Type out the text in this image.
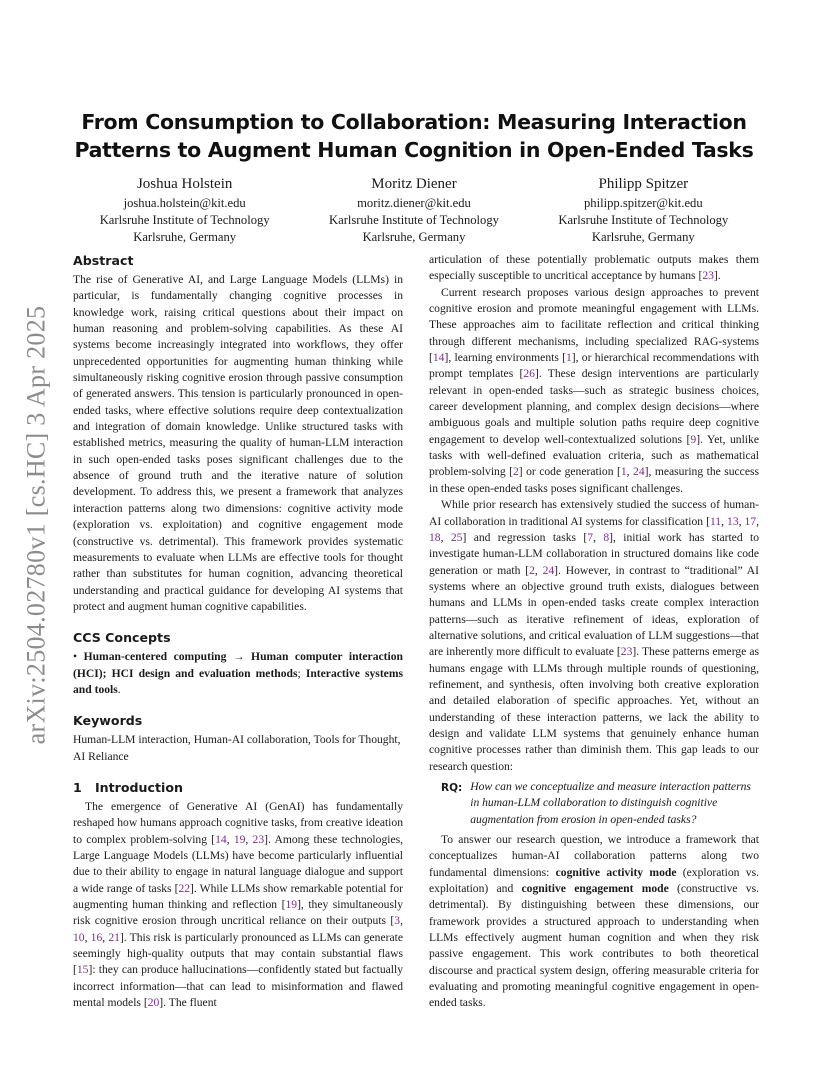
arXiv:2504.02780v1 [cs.HC] 3 Apr 2025
From Consumption to Collaboration: Measuring Interaction Patterns to Augment Human Cognition in Open-Ended Tasks
Joshua Holstein
joshua.holstein@kit.edu
Karlsruhe Institute of Technology
Karlsruhe, Germany
Moritz Diener
moritz.diener@kit.edu
Karlsruhe Institute of Technology
Karlsruhe, Germany
Philipp Spitzer
philipp.spitzer@kit.edu
Karlsruhe Institute of Technology
Karlsruhe, Germany
Abstract

The rise of Generative AI, and Large Language Models (LLMs) in particular, is fundamentally changing cognitive processes in knowledge work, raising critical questions about their impact on human reasoning and problem-solving capabilities. As these AI systems become increasingly integrated into workflows, they offer unprecedented opportunities for augmenting human thinking while simultaneously risking cognitive erosion through passive consumption of generated answers. This tension is particularly pronounced in open-ended tasks, where effective solutions require deep contextualization and integration of domain knowledge. Unlike structured tasks with established metrics, measuring the quality of human-LLM interaction in such open-ended tasks poses significant challenges due to the absence of ground truth and the iterative nature of solution development. To address this, we present a framework that analyzes interaction patterns along two dimensions: cognitive activity mode (exploration vs. exploitation) and cognitive engagement mode (constructive vs. detrimental). This framework provides systematic measurements to evaluate when LLMs are effective tools for thought rather than substitutes for human cognition, advancing theoretical understanding and practical guidance for developing AI systems that protect and augment human cognitive capabilities.

CCS Concepts

• Human-centered computing → Human computer interaction (HCI); HCI design and evaluation methods; Interactive systems and tools.

Keywords

Human-LLM interaction, Human-AI collaboration, Tools for Thought, AI Reliance

1 Introduction

The emergence of Generative AI (GenAI) has fundamentally reshaped how humans approach cognitive tasks, from creative ideation to complex problem-solving [14, 19, 23]. Among these technologies, Large Language Models (LLMs) have become particularly influential due to their ability to engage in natural language dialogue and support a wide range of tasks [22]. While LLMs show remarkable potential for augmenting human thinking and reflection [19], they simultaneously risk cognitive erosion through uncritical reliance on their outputs [3, 10, 16, 21]. This risk is particularly pronounced as LLMs can generate seemingly high-quality outputs that may contain substantial flaws [15]: they can produce hallucinations—confidently stated but factually incorrect information—that can lead to misinformation and flawed mental models [20]. The fluent

articulation of these potentially problematic outputs makes them especially susceptible to uncritical acceptance by humans [23].

Current research proposes various design approaches to prevent cognitive erosion and promote meaningful engagement with LLMs. These approaches aim to facilitate reflection and critical thinking through different mechanisms, including specialized RAG-systems [14], learning environments [1], or hierarchical recommendations with prompt templates [26]. These design interventions are particularly relevant in open-ended tasks—such as strategic business choices, career development planning, and complex design decisions—where ambiguous goals and multiple solution paths require deep cognitive engagement to develop well-contextualized solutions [9]. Yet, unlike tasks with well-defined evaluation criteria, such as mathematical problem-solving [2] or code generation [1, 24], measuring the success in these open-ended tasks poses significant challenges.

While prior research has extensively studied the success of human-AI collaboration in traditional AI systems for classification [11, 13, 17, 18, 25] and regression tasks [7, 8], initial work has started to investigate human-LLM collaboration in structured domains like code generation or math [2, 24]. However, in contrast to “traditional” AI systems where an objective ground truth exists, dialogues between humans and LLMs in open-ended tasks create complex interaction patterns—such as iterative refinement of ideas, exploration of alternative solutions, and critical evaluation of LLM suggestions—that are inherently more difficult to evaluate [23]. These patterns emerge as humans engage with LLMs through multiple rounds of questioning, refinement, and synthesis, often involving both creative exploration and detailed elaboration of specific approaches. Yet, without an understanding of these interaction patterns, we lack the ability to design and validate LLM systems that genuinely enhance human cognitive processes rather than diminish them. This gap leads to our research question:

RQ: How can we conceptualize and measure interaction patterns in human-LLM collaboration to distinguish cognitive augmentation from erosion in open-ended tasks?

To answer our research question, we introduce a framework that conceptualizes human-AI collaboration patterns along two fundamental dimensions: cognitive activity mode (exploration vs. exploitation) and cognitive engagement mode (constructive vs. detrimental). By distinguishing between these dimensions, our framework provides a structured approach to understanding when LLMs effectively augment human cognition and when they risk passive engagement. This work contributes to both theoretical discourse and practical system design, offering measurable criteria for evaluating and promoting meaningful cognitive engagement in open-ended tasks.
